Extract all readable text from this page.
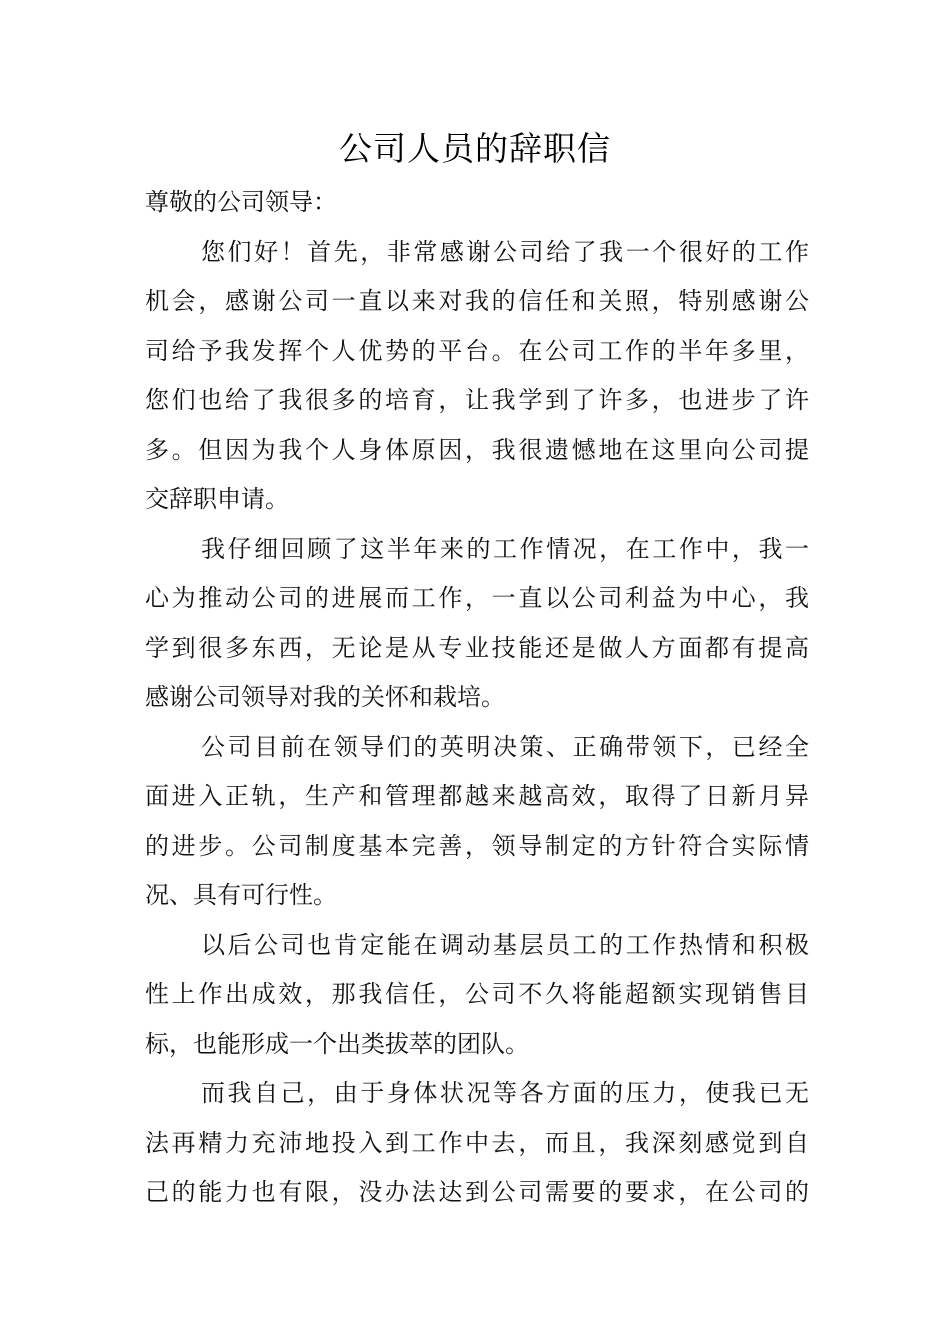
公司人员的辞职信
尊敬的公司领导：
您们好！首先，非常感谢公司给了我一个很好的工作
机会，感谢公司一直以来对我的信任和关照，特别感谢公
司给予我发挥个人优势的平台。在公司工作的半年多里，
您们也给了我很多的培育，让我学到了许多，也进步了许
多。但因为我个人身体原因，我很遗憾地在这里向公司提
交辞职申请。
我仔细回顾了这半年来的工作情况，在工作中，我一
心为推动公司的进展而工作，一直以公司利益为中心，我
学到很多东西，无论是从专业技能还是做人方面都有提高
感谢公司领导对我的关怀和栽培。
公司目前在领导们的英明决策、正确带领下，已经全
面进入正轨，生产和管理都越来越高效，取得了日新月异
的进步。公司制度基本完善，领导制定的方针符合实际情
况、具有可行性。
以后公司也肯定能在调动基层员工的工作热情和积极
性上作出成效，那我信任，公司不久将能超额实现销售目
标，也能形成一个出类拔萃的团队。
而我自己，由于身体状况等各方面的压力，使我已无
法再精力充沛地投入到工作中去，而且，我深刻感觉到自
己的能力也有限，没办法达到公司需要的要求，在公司的
